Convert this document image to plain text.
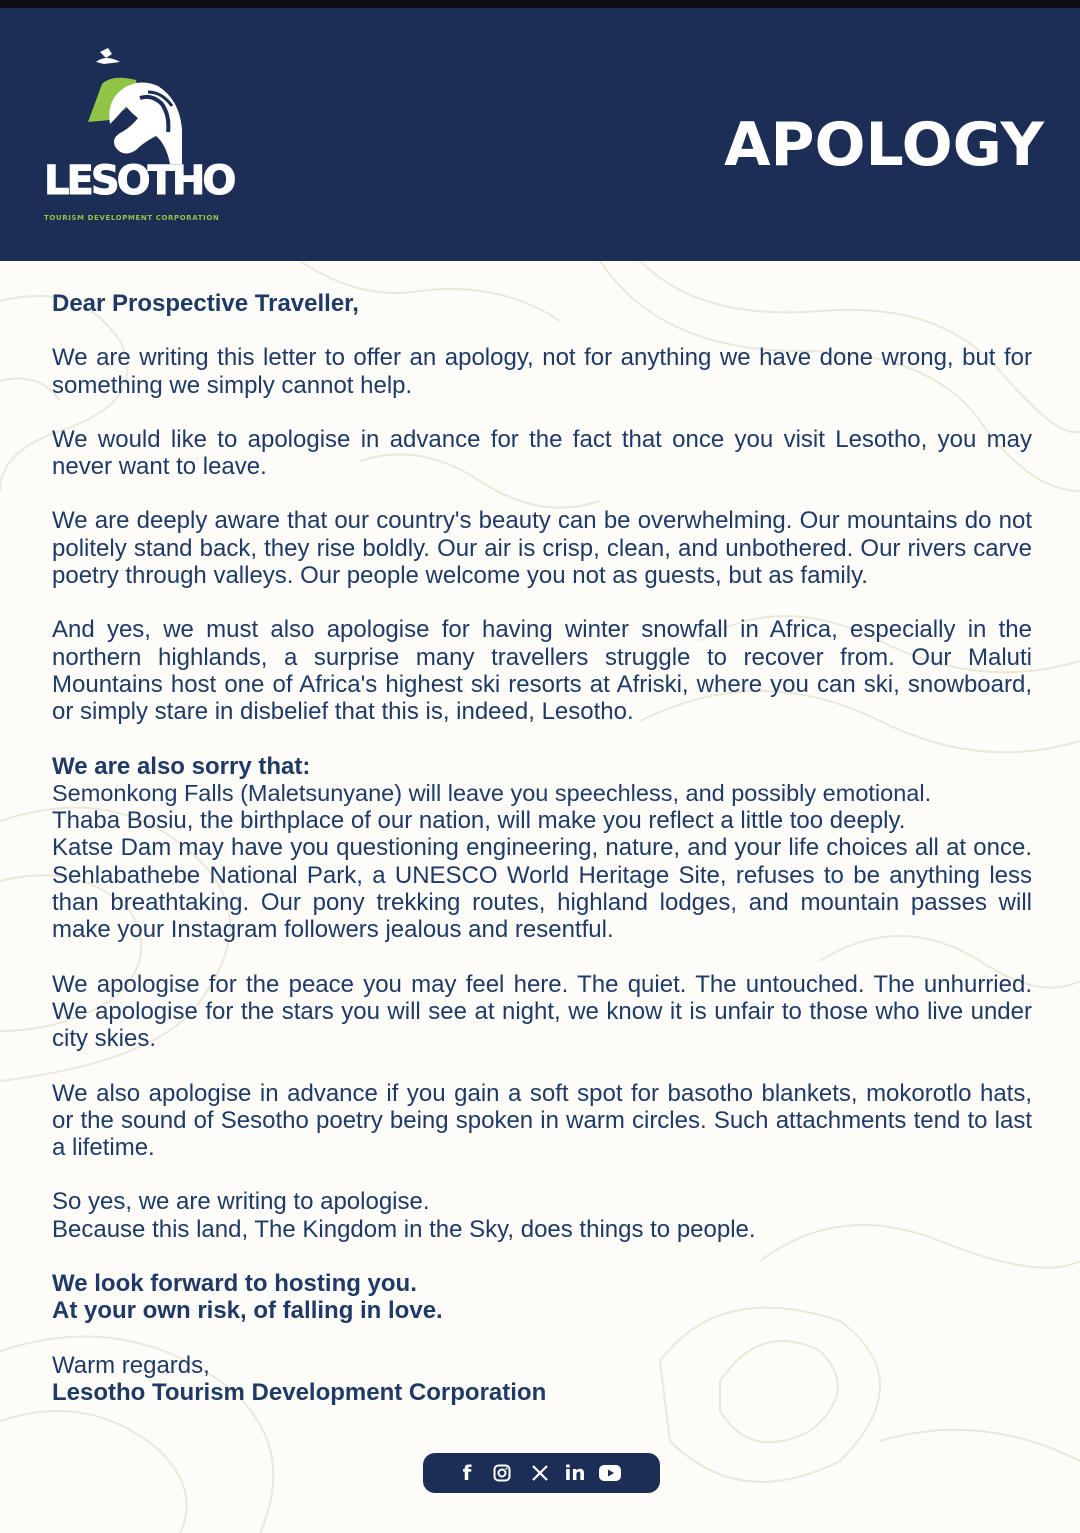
LESOTHO
TOURISM DEVELOPMENT CORPORATION
APOLOGY

Dear Prospective Traveller,

We are writing this letter to offer an apology, not for anything we have done wrong, but for something we simply cannot help.

We would like to apologise in advance for the fact that once you visit Lesotho, you may never want to leave.

We are deeply aware that our country's beauty can be overwhelming. Our mountains do not politely stand back, they rise boldly. Our air is crisp, clean, and unbothered. Our rivers carve poetry through valleys. Our people welcome you not as guests, but as family.

And yes, we must also apologise for having winter snowfall in Africa, especially in the northern highlands, a surprise many travellers struggle to recover from. Our Maluti Mountains host one of Africa's highest ski resorts at Afriski, where you can ski, snowboard, or simply stare in disbelief that this is, indeed, Lesotho.

We are also sorry that:

Semonkong Falls (Maletsunyane) will leave you speechless, and possibly emotional.

Thaba Bosiu, the birthplace of our nation, will make you reflect a little too deeply.

Katse Dam may have you questioning engineering, nature, and your life choices all at once. Sehlabathebe National Park, a UNESCO World Heritage Site, refuses to be anything less than breathtaking. Our pony trekking routes, highland lodges, and mountain passes will make your Instagram followers jealous and resentful.

We apologise for the peace you may feel here. The quiet. The untouched. The unhurried. We apologise for the stars you will see at night, we know it is unfair to those who live under city skies.

We also apologise in advance if you gain a soft spot for basotho blankets, mokorotlo hats, or the sound of Sesotho poetry being spoken in warm circles. Such attachments tend to last a lifetime.

So yes, we are writing to apologise.

Because this land, The Kingdom in the Sky, does things to people.

We look forward to hosting you.

At your own risk, of falling in love.

Warm regards,

Lesotho Tourism Development Corporation

f	in
